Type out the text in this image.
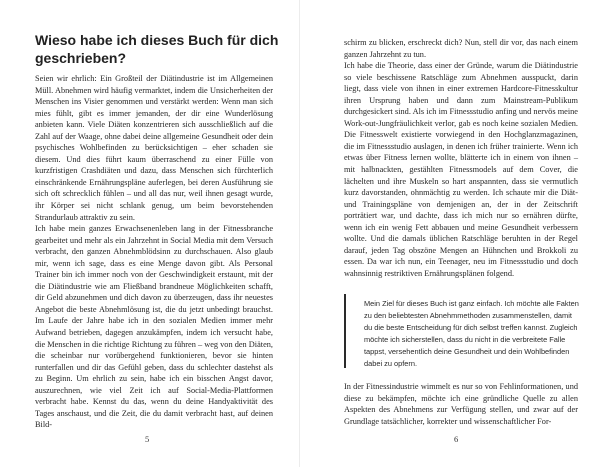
Wieso habe ich dieses Buch für dich geschrieben?

Seien wir ehrlich: Ein Großteil der Diätindustrie ist im Allgemeinen Müll. Abnehmen wird häufig vermarktet, indem die Unsicherheiten der Menschen ins Visier genommen und verstärkt werden: Wenn man sich mies fühlt, gibt es immer jemanden, der dir eine Wunderlösung anbieten kann. Viele Diäten konzentrieren sich ausschließlich auf die Zahl auf der Waage, ohne dabei deine allgemeine Gesundheit oder dein psychisches Wohlbefinden zu berücksichtigen – eher schaden sie diesem. Und dies führt kaum überraschend zu einer Fülle von kurzfristigen Crashdiäten und dazu, dass Menschen sich fürchterlich einschränkende Ernährungspläne auferlegen, bei deren Ausführung sie sich oft schrecklich fühlen – und all das nur, weil ihnen gesagt wurde, ihr Körper sei nicht schlank genug, um beim bevorstehenden Strandurlaub attraktiv zu sein.

Ich habe mein ganzes Erwachsenenleben lang in der Fitnessbranche gearbeitet und mehr als ein Jahrzehnt in Social Media mit dem Versuch verbracht, den ganzen Abnehmblödsinn zu durchschauen. Also glaub mir, wenn ich sage, dass es eine Menge davon gibt. Als Personal Trainer bin ich immer noch von der Geschwindigkeit erstaunt, mit der die Diätindustrie wie am Fließband brandneue Möglichkeiten schafft, dir Geld abzunehmen und dich davon zu überzeugen, dass ihr neuestes Angebot die beste Abnehmlösung ist, die du jetzt unbedingt brauchst. Im Laufe der Jahre habe ich in den sozialen Medien immer mehr Aufwand betrieben, dagegen anzukämpfen, indem ich versucht habe, die Menschen in die richtige Richtung zu führen – weg von den Diäten, die scheinbar nur vorübergehend funktionieren, bevor sie hinten runterfallen und dir das Gefühl geben, dass du schlechter dastehst als zu Beginn. Um ehrlich zu sein, habe ich ein bisschen Angst davor, auszurechnen, wie viel Zeit ich auf Social-Media-Plattformen verbracht habe. Kennst du das, wenn du deine Handyaktivität des Tages anschaust, und die Zeit, die du damit verbracht hast, auf deinen Bild-

5

schirm zu blicken, erschreckt dich? Nun, stell dir vor, das nach einem ganzen Jahrzehnt zu tun.

Ich habe die Theorie, dass einer der Gründe, warum die Diätindustrie so viele beschissene Ratschläge zum Abnehmen ausspuckt, darin liegt, dass viele von ihnen in einer extremen Hardcore-Fitnesskultur ihren Ursprung haben und dann zum Mainstream-Publikum durchgesickert sind. Als ich im Fitnessstudio anfing und nervös meine Work-out-Jungfräulichkeit verlor, gab es noch keine sozialen Medien. Die Fitnesswelt existierte vorwiegend in den Hochglanzmagazinen, die im Fitnessstudio auslagen, in denen ich früher trainierte. Wenn ich etwas über Fitness lernen wollte, blätterte ich in einem von ihnen – mit halbnackten, gestählten Fitnessmodels auf dem Cover, die lächelten und ihre Muskeln so hart anspannten, dass sie vermutlich kurz davorstanden, ohnmächtig zu werden. Ich schaute mir die Diät- und Trainingspläne von demjenigen an, der in der Zeitschrift porträtiert war, und dachte, dass ich mich nur so ernähren dürfte, wenn ich ein wenig Fett abbauen und meine Gesundheit verbessern wollte. Und die damals üblichen Ratschläge beruhten in der Regel darauf, jeden Tag obszöne Mengen an Hühnchen und Brokkoli zu essen. Da war ich nun, ein Teenager, neu im Fitnessstudio und doch wahnsinnig restriktiven Ernährungsplänen folgend.

Mein Ziel für dieses Buch ist ganz einfach. Ich möchte alle Fakten zu den beliebtesten Abnehmmethoden zusammenstellen, damit du die beste Entscheidung für dich selbst treffen kannst. Zugleich möchte ich sicherstellen, dass du nicht in die verbreitete Falle tappst, versehentlich deine Gesundheit und dein Wohlbefinden dabei zu opfern.

In der Fitnessindustrie wimmelt es nur so von Fehlinformationen, und diese zu bekämpfen, möchte ich eine gründliche Quelle zu allen Aspekten des Abnehmens zur Verfügung stellen, und zwar auf der Grundlage tatsächlicher, korrekter und wissenschaftlicher For-

6
